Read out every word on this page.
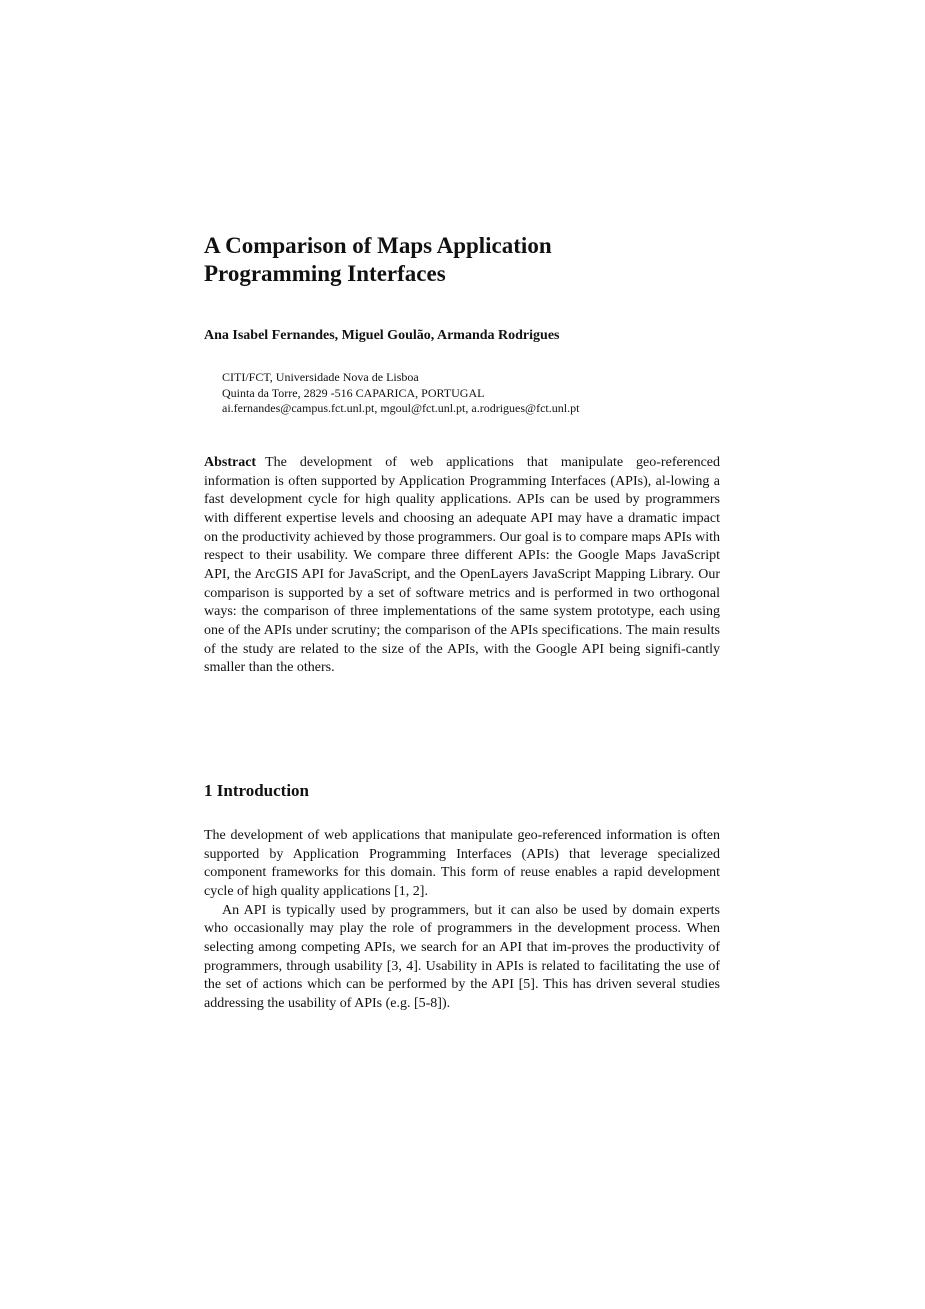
A Comparison of Maps Application
Programming Interfaces

Ana Isabel Fernandes, Miguel Goulão, Armanda Rodrigues

CITI/FCT, Universidade Nova de Lisboa
Quinta da Torre, 2829 -516 CAPARICA, PORTUGAL
ai.fernandes@campus.fct.unl.pt, mgoul@fct.unl.pt, a.rodrigues@fct.unl.pt

Abstract The development of web applications that manipulate geo-referenced information is often supported by Application Programming Interfaces (APIs), al-lowing a fast development cycle for high quality applications. APIs can be used by programmers with different expertise levels and choosing an adequate API may have a dramatic impact on the productivity achieved by those programmers. Our goal is to compare maps APIs with respect to their usability. We compare three different APIs: the Google Maps JavaScript API, the ArcGIS API for JavaScript, and the OpenLayers JavaScript Mapping Library. Our comparison is supported by a set of software metrics and is performed in two orthogonal ways: the comparison of three implementations of the same system prototype, each using one of the APIs under scrutiny; the comparison of the APIs specifications. The main results of the study are related to the size of the APIs, with the Google API being signifi-cantly smaller than the others.

1 Introduction

The development of web applications that manipulate geo-referenced information is often supported by Application Programming Interfaces (APIs) that leverage specialized component frameworks for this domain. This form of reuse enables a rapid development cycle of high quality applications [1, 2].

An API is typically used by programmers, but it can also be used by domain experts who occasionally may play the role of programmers in the development process. When selecting among competing APIs, we search for an API that im-proves the productivity of programmers, through usability [3, 4]. Usability in APIs is related to facilitating the use of the set of actions which can be performed by the API [5]. This has driven several studies addressing the usability of APIs (e.g. [5-8]).
